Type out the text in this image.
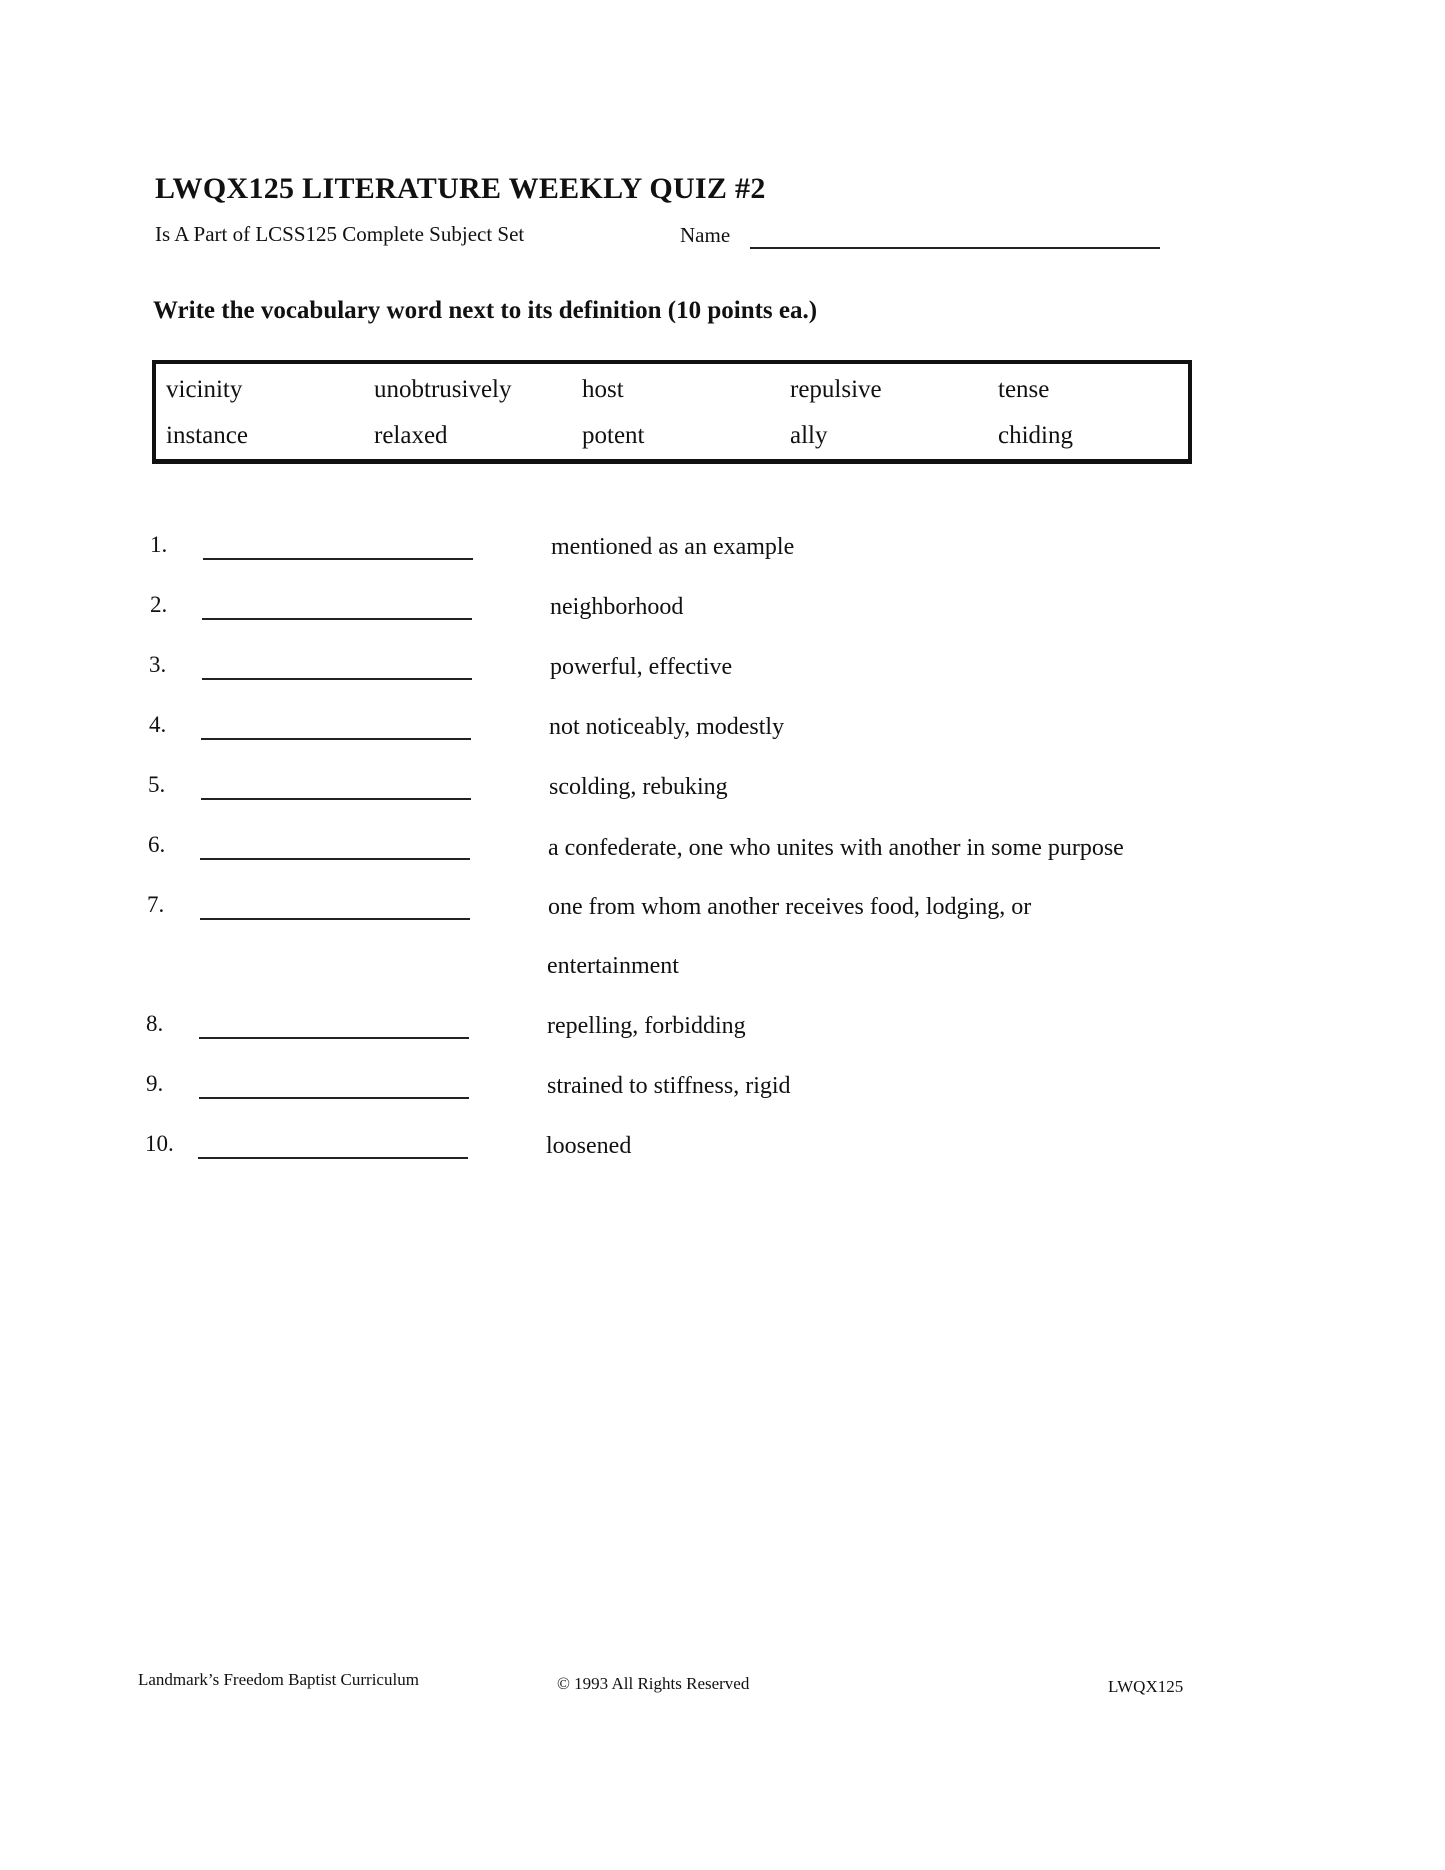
LWQX125 LITERATURE WEEKLY QUIZ #2
Is A Part of LCSS125 Complete Subject Set	Name
Write the vocabulary word next to its definition (10 points ea.)
vicinity	unobtrusively	host	repulsive	tense
instance	relaxed	potent	ally	chiding
1.	mentioned as an example
2.	neighborhood
3.	powerful, effective
4.	not noticeably, modestly
5.	scolding, rebuking
6.	a confederate, one who unites with another in some purpose
7.	one from whom another receives food, lodging, or
entertainment
8.	repelling, forbidding
9.	strained to stiffness, rigid
10.	loosened
Landmark’s Freedom Baptist Curriculum	© 1993 All Rights Reserved	LWQX125
